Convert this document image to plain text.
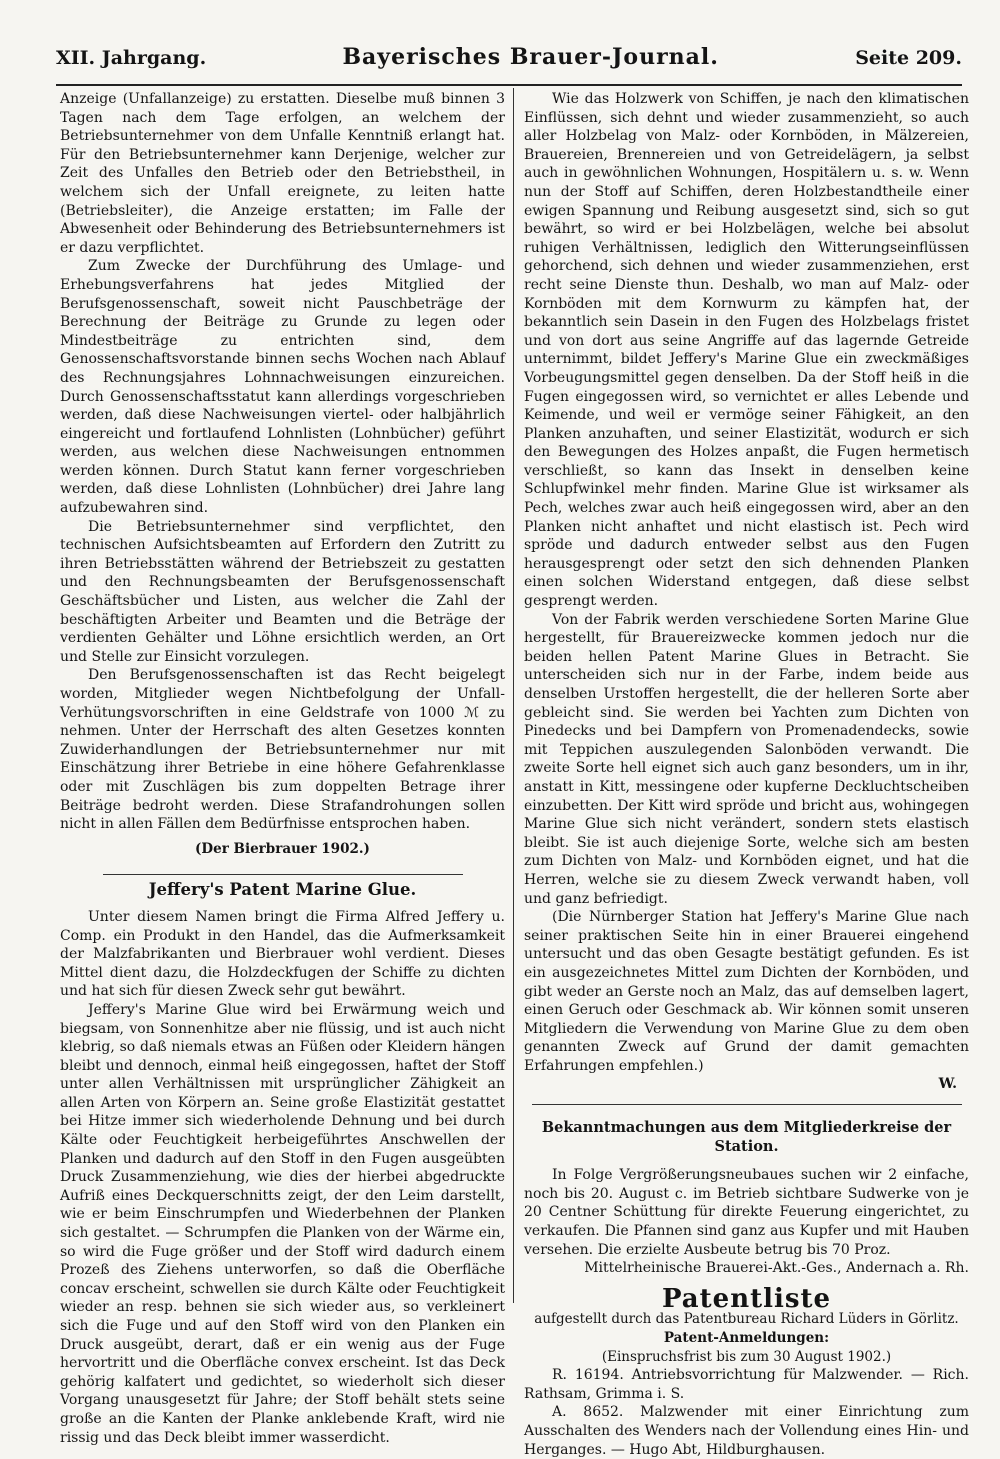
XII. Jahrgang.	Bayerisches Brauer-Journal.	Seite 209.

Anzeige (Unfallanzeige) zu erstatten. Dieselbe muß binnen 3 Tagen nach dem Tage erfolgen, an welchem der Betriebsunternehmer von dem Unfalle Kenntniß erlangt hat. Für den Betriebsunternehmer kann Derjenige, welcher zur Zeit des Unfalles den Betrieb oder den Betriebstheil, in welchem sich der Unfall ereignete, zu leiten hatte (Betriebsleiter), die Anzeige erstatten; im Falle der Abwesenheit oder Behinderung des Betriebsunternehmers ist er dazu verpflichtet.

Zum Zwecke der Durchführung des Umlage- und Erhebungsverfahrens hat jedes Mitglied der Berufsgenossenschaft, soweit nicht Pauschbeträge der Berechnung der Beiträge zu Grunde zu legen oder Mindestbeiträge zu entrichten sind, dem Genossenschaftsvorstande binnen sechs Wochen nach Ablauf des Rechnungsjahres Lohnnachweisungen einzureichen. Durch Genossenschaftsstatut kann allerdings vorgeschrieben werden, daß diese Nachweisungen viertel- oder halbjährlich eingereicht und fortlaufend Lohnlisten (Lohnbücher) geführt werden, aus welchen diese Nachweisungen entnommen werden können. Durch Statut kann ferner vorgeschrieben werden, daß diese Lohnlisten (Lohnbücher) drei Jahre lang aufzubewahren sind.

Die Betriebsunternehmer sind verpflichtet, den technischen Aufsichtsbeamten auf Erfordern den Zutritt zu ihren Betriebsstätten während der Betriebszeit zu gestatten und den Rechnungsbeamten der Berufsgenossenschaft Geschäftsbücher und Listen, aus welcher die Zahl der beschäftigten Arbeiter und Beamten und die Beträge der verdienten Gehälter und Löhne ersichtlich werden, an Ort und Stelle zur Einsicht vorzulegen.

Den Berufsgenossenschaften ist das Recht beigelegt worden, Mitglieder wegen Nichtbefolgung der Unfall-Verhütungsvorschriften in eine Geldstrafe von 1000 ℳ zu nehmen. Unter der Herrschaft des alten Gesetzes konnten Zuwiderhandlungen der Betriebsunternehmer nur mit Einschätzung ihrer Betriebe in eine höhere Gefahrenklasse oder mit Zuschlägen bis zum doppelten Betrage ihrer Beiträge bedroht werden. Diese Strafandrohungen sollen nicht in allen Fällen dem Bedürfnisse entsprochen haben.

(Der Bierbrauer 1902.)

Jeffery's Patent Marine Glue.

Unter diesem Namen bringt die Firma Alfred Jeffery u. Comp. ein Produkt in den Handel, das die Aufmerksamkeit der Malzfabrikanten und Bierbrauer wohl verdient. Dieses Mittel dient dazu, die Holzdeckfugen der Schiffe zu dichten und hat sich für diesen Zweck sehr gut bewährt.

Jeffery's Marine Glue wird bei Erwärmung weich und biegsam, von Sonnenhitze aber nie flüssig, und ist auch nicht klebrig, so daß niemals etwas an Füßen oder Kleidern hängen bleibt und dennoch, einmal heiß eingegossen, haftet der Stoff unter allen Verhältnissen mit ursprünglicher Zähigkeit an allen Arten von Körpern an. Seine große Elastizität gestattet bei Hitze immer sich wiederholende Dehnung und bei durch Kälte oder Feuchtigkeit herbeigeführtes Anschwellen der Planken und dadurch auf den Stoff in den Fugen ausgeübten Druck Zusammenziehung, wie dies der hierbei abgedruckte Aufriß eines Deckquerschnitts zeigt, der den Leim darstellt, wie er beim Einschrumpfen und Wiederbehnen der Planken sich gestaltet. — Schrumpfen die Planken von der Wärme ein, so wird die Fuge größer und der Stoff wird dadurch einem Prozeß des Ziehens unterworfen, so daß die Oberfläche concav erscheint, schwellen sie durch Kälte oder Feuchtigkeit wieder an resp. behnen sie sich wieder aus, so verkleinert sich die Fuge und auf den Stoff wird von den Planken ein Druck ausgeübt, derart, daß er ein wenig aus der Fuge hervortritt und die Oberfläche convex erscheint. Ist das Deck gehörig kalfatert und gedichtet, so wiederholt sich dieser Vorgang unausgesetzt für Jahre; der Stoff behält stets seine große an die Kanten der Planke anklebende Kraft, wird nie rissig und das Deck bleibt immer wasserdicht.

Wie das Holzwerk von Schiffen, je nach den klimatischen Einflüssen, sich dehnt und wieder zusammenzieht, so auch aller Holzbelag von Malz- oder Kornböden, in Mälzereien, Brauereien, Brennereien und von Getreidelägern, ja selbst auch in gewöhnlichen Wohnungen, Hospitälern u. s. w. Wenn nun der Stoff auf Schiffen, deren Holzbestandtheile einer ewigen Spannung und Reibung ausgesetzt sind, sich so gut bewährt, so wird er bei Holzbelägen, welche bei absolut ruhigen Verhältnissen, lediglich den Witterungseinflüssen gehorchend, sich dehnen und wieder zusammenziehen, erst recht seine Dienste thun. Deshalb, wo man auf Malz- oder Kornböden mit dem Kornwurm zu kämpfen hat, der bekanntlich sein Dasein in den Fugen des Holzbelags fristet und von dort aus seine Angriffe auf das lagernde Getreide unternimmt, bildet Jeffery's Marine Glue ein zweckmäßiges Vorbeugungsmittel gegen denselben. Da der Stoff heiß in die Fugen eingegossen wird, so vernichtet er alles Lebende und Keimende, und weil er vermöge seiner Fähigkeit, an den Planken anzuhaften, und seiner Elastizität, wodurch er sich den Bewegungen des Holzes anpaßt, die Fugen hermetisch verschließt, so kann das Insekt in denselben keine Schlupfwinkel mehr finden. Marine Glue ist wirksamer als Pech, welches zwar auch heiß eingegossen wird, aber an den Planken nicht anhaftet und nicht elastisch ist. Pech wird spröde und dadurch entweder selbst aus den Fugen herausgesprengt oder setzt den sich dehnenden Planken einen solchen Widerstand entgegen, daß diese selbst gesprengt werden.

Von der Fabrik werden verschiedene Sorten Marine Glue hergestellt, für Brauereizwecke kommen jedoch nur die beiden hellen Patent Marine Glues in Betracht. Sie unterscheiden sich nur in der Farbe, indem beide aus denselben Urstoffen hergestellt, die der helleren Sorte aber gebleicht sind. Sie werden bei Yachten zum Dichten von Pinedecks und bei Dampfern von Promenadendecks, sowie mit Teppichen auszulegenden Salonböden verwandt. Die zweite Sorte hell eignet sich auch ganz besonders, um in ihr, anstatt in Kitt, messingene oder kupferne Deckluchtscheiben einzubetten. Der Kitt wird spröde und bricht aus, wohingegen Marine Glue sich nicht verändert, sondern stets elastisch bleibt. Sie ist auch diejenige Sorte, welche sich am besten zum Dichten von Malz- und Kornböden eignet, und hat die Herren, welche sie zu diesem Zweck verwandt haben, voll und ganz befriedigt.

(Die Nürnberger Station hat Jeffery's Marine Glue nach seiner praktischen Seite hin in einer Brauerei eingehend untersucht und das oben Gesagte bestätigt gefunden. Es ist ein ausgezeichnetes Mittel zum Dichten der Kornböden, und gibt weder an Gerste noch an Malz, das auf demselben lagert, einen Geruch oder Geschmack ab. Wir können somit unseren Mitgliedern die Verwendung von Marine Glue zu dem oben genannten Zweck auf Grund der damit gemachten Erfahrungen empfehlen.)

W.

Bekanntmachungen aus dem Mitgliederkreise der Station.

In Folge Vergrößerungsneubaues suchen wir 2 einfache, noch bis 20. August c. im Betrieb sichtbare Sudwerke von je 20 Centner Schüttung für direkte Feuerung eingerichtet, zu verkaufen. Die Pfannen sind ganz aus Kupfer und mit Hauben versehen. Die erzielte Ausbeute betrug bis 70 Proz.

Mittelrheinische Brauerei-Akt.-Ges., Andernach a. Rh.

Patentliste

aufgestellt durch das Patentbureau Richard Lüders in Görlitz.

Patent-Anmeldungen:

(Einspruchsfrist bis zum 30 August 1902.)

R. 16194. Antriebsvorrichtung für Malzwender. — Rich. Rathsam, Grimma i. S.

A. 8652. Malzwender mit einer Einrichtung zum Ausschalten des Wenders nach der Vollendung eines Hin- und Herganges. — Hugo Abt, Hildburghausen.
